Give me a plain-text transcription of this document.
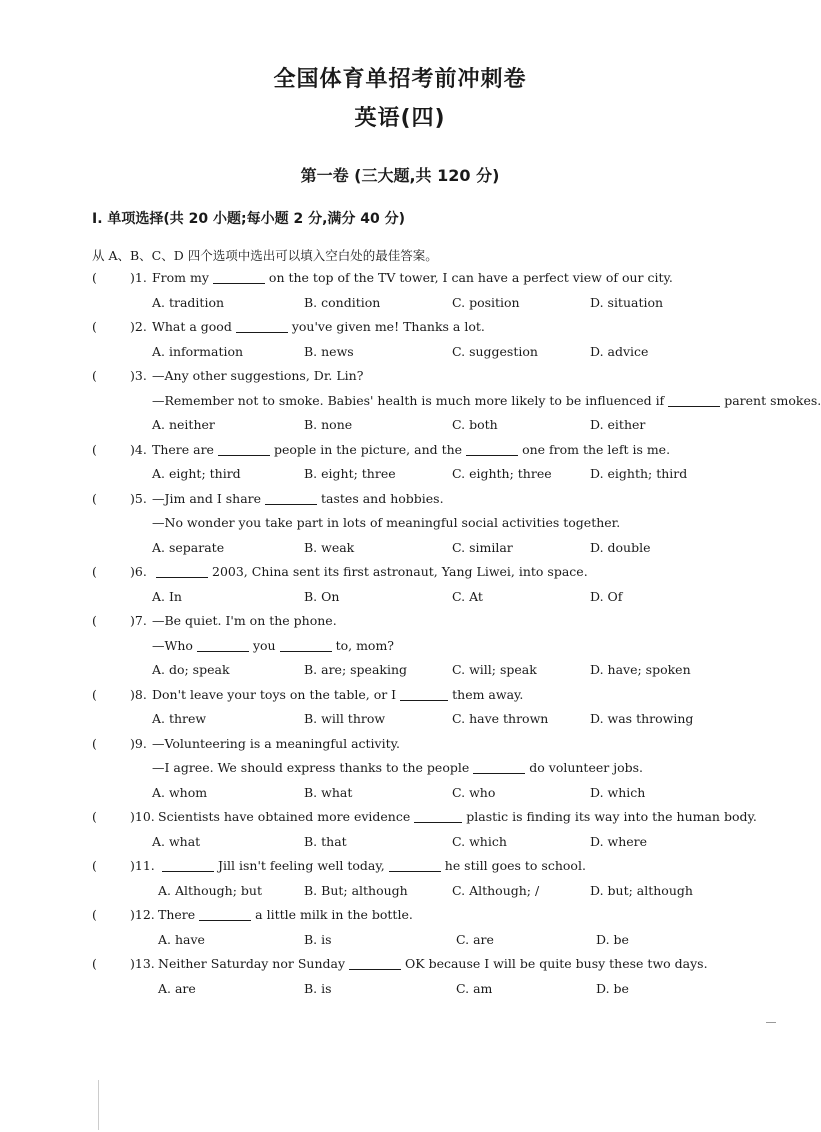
全国体育单招考前冲刺卷
英语(四)
第一卷 (三大题,共 120 分)
Ⅰ. 单项选择(共 20 小题;每小题 2 分,满分 40 分)
从 A、B、C、D 四个选项中选出可以填入空白处的最佳答案。
(	)1. From my	on the top of the TV tower, I can have a perfect view of our city.
A. tradition	B. condition	C. position	D. situation
(	)2. What a good	you've given me! Thanks a lot.
A. information	B. news	C. suggestion	D. advice
(	)3. —Any other suggestions, Dr. Lin?
—Remember not to smoke. Babies' health is much more likely to be influenced if	parent smokes.
A. neither	B. none	C. both	D. either
(	)4. There are	people in the picture, and the	one from the left is me.
A. eight; third	B. eight; three	C. eighth; three	D. eighth; third
(	)5. —Jim and I share	tastes and hobbies.
—No wonder you take part in lots of meaningful social activities together.
A. separate	B. weak	C. similar	D. double
(	)6.	2003, China sent its first astronaut, Yang Liwei, into space.
A. In	B. On	C. At	D. Of
(	)7. —Be quiet. I'm on the phone.
—Who	you	to, mom?
A. do; speak	B. are; speaking	C. will; speak	D. have; spoken
(	)8. Don't leave your toys on the table, or I	them away.
A. threw	B. will throw	C. have thrown	D. was throwing
(	)9. —Volunteering is a meaningful activity.
—I agree. We should express thanks to the people	do volunteer jobs.
A. whom	B. what	C. who	D. which
(	)10. Scientists have obtained more evidence	plastic is finding its way into the human body.
A. what	B. that	C. which	D. where
(	)11.	Jill isn't feeling well today,	he still goes to school.
A. Although; but	B. But; although	C. Although; /	D. but; although
(	)12. There	a little milk in the bottle.
A. have	B. is	C. are	D. be
(	)13. Neither Saturday nor Sunday	OK because I will be quite busy these two days.
A. are	B. is	C. am	D. be
